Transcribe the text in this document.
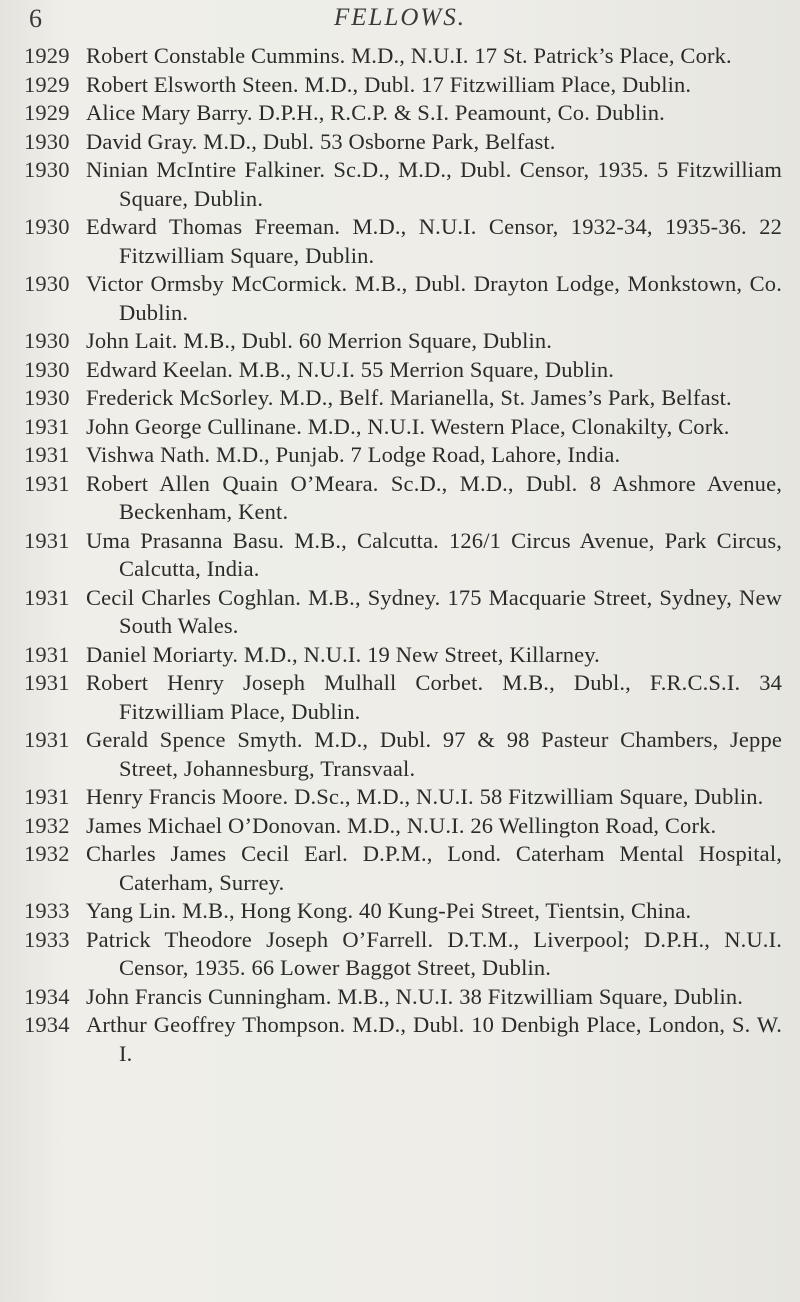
6	FELLOWS.
1929 Robert Constable Cummins. M.D., N.U.I. 17 St. Patrick’s Place, Cork.
1929 Robert Elsworth Steen. M.D., Dubl. 17 Fitzwilliam Place, Dublin.
1929 Alice Mary Barry. D.P.H., R.C.P. & S.I. Peamount, Co. Dublin.
1930 David Gray. M.D., Dubl. 53 Osborne Park, Belfast.
1930 Ninian McIntire Falkiner. Sc.D., M.D., Dubl. Censor, 1935. 5 Fitzwilliam Square, Dublin.
1930 Edward Thomas Freeman. M.D., N.U.I. Censor, 1932-34, 1935-36. 22 Fitzwilliam Square, Dublin.
1930 Victor Ormsby McCormick. M.B., Dubl. Drayton Lodge, Monkstown, Co. Dublin.
1930 John Lait. M.B., Dubl. 60 Merrion Square, Dublin.
1930 Edward Keelan. M.B., N.U.I. 55 Merrion Square, Dublin.
1930 Frederick McSorley. M.D., Belf. Marianella, St. James’s Park, Belfast.
1931 John George Cullinane. M.D., N.U.I. Western Place, Clonakilty, Cork.
1931 Vishwa Nath. M.D., Punjab. 7 Lodge Road, Lahore, India.
1931 Robert Allen Quain O’Meara. Sc.D., M.D., Dubl. 8 Ashmore Avenue, Beckenham, Kent.
1931 Uma Prasanna Basu. M.B., Calcutta. 126/1 Circus Avenue, Park Circus, Calcutta, India.
1931 Cecil Charles Coghlan. M.B., Sydney. 175 Macquarie Street, Sydney, New South Wales.
1931 Daniel Moriarty. M.D., N.U.I. 19 New Street, Killarney.
1931 Robert Henry Joseph Mulhall Corbet. M.B., Dubl., F.R.C.S.I. 34 Fitzwilliam Place, Dublin.
1931 Gerald Spence Smyth. M.D., Dubl. 97 & 98 Pasteur Chambers, Jeppe Street, Johannesburg, Transvaal.
1931 Henry Francis Moore. D.Sc., M.D., N.U.I. 58 Fitzwilliam Square, Dublin.
1932 James Michael O’Donovan. M.D., N.U.I. 26 Wellington Road, Cork.
1932 Charles James Cecil Earl. D.P.M., Lond. Caterham Mental Hospital, Caterham, Surrey.
1933 Yang Lin. M.B., Hong Kong. 40 Kung-Pei Street, Tientsin, China.
1933 Patrick Theodore Joseph O’Farrell. D.T.M., Liverpool; D.P.H., N.U.I. Censor, 1935. 66 Lower Baggot Street, Dublin.
1934 John Francis Cunningham. M.B., N.U.I. 38 Fitzwilliam Square, Dublin.
1934 Arthur Geoffrey Thompson. M.D., Dubl. 10 Denbigh Place, London, S. W. I.
